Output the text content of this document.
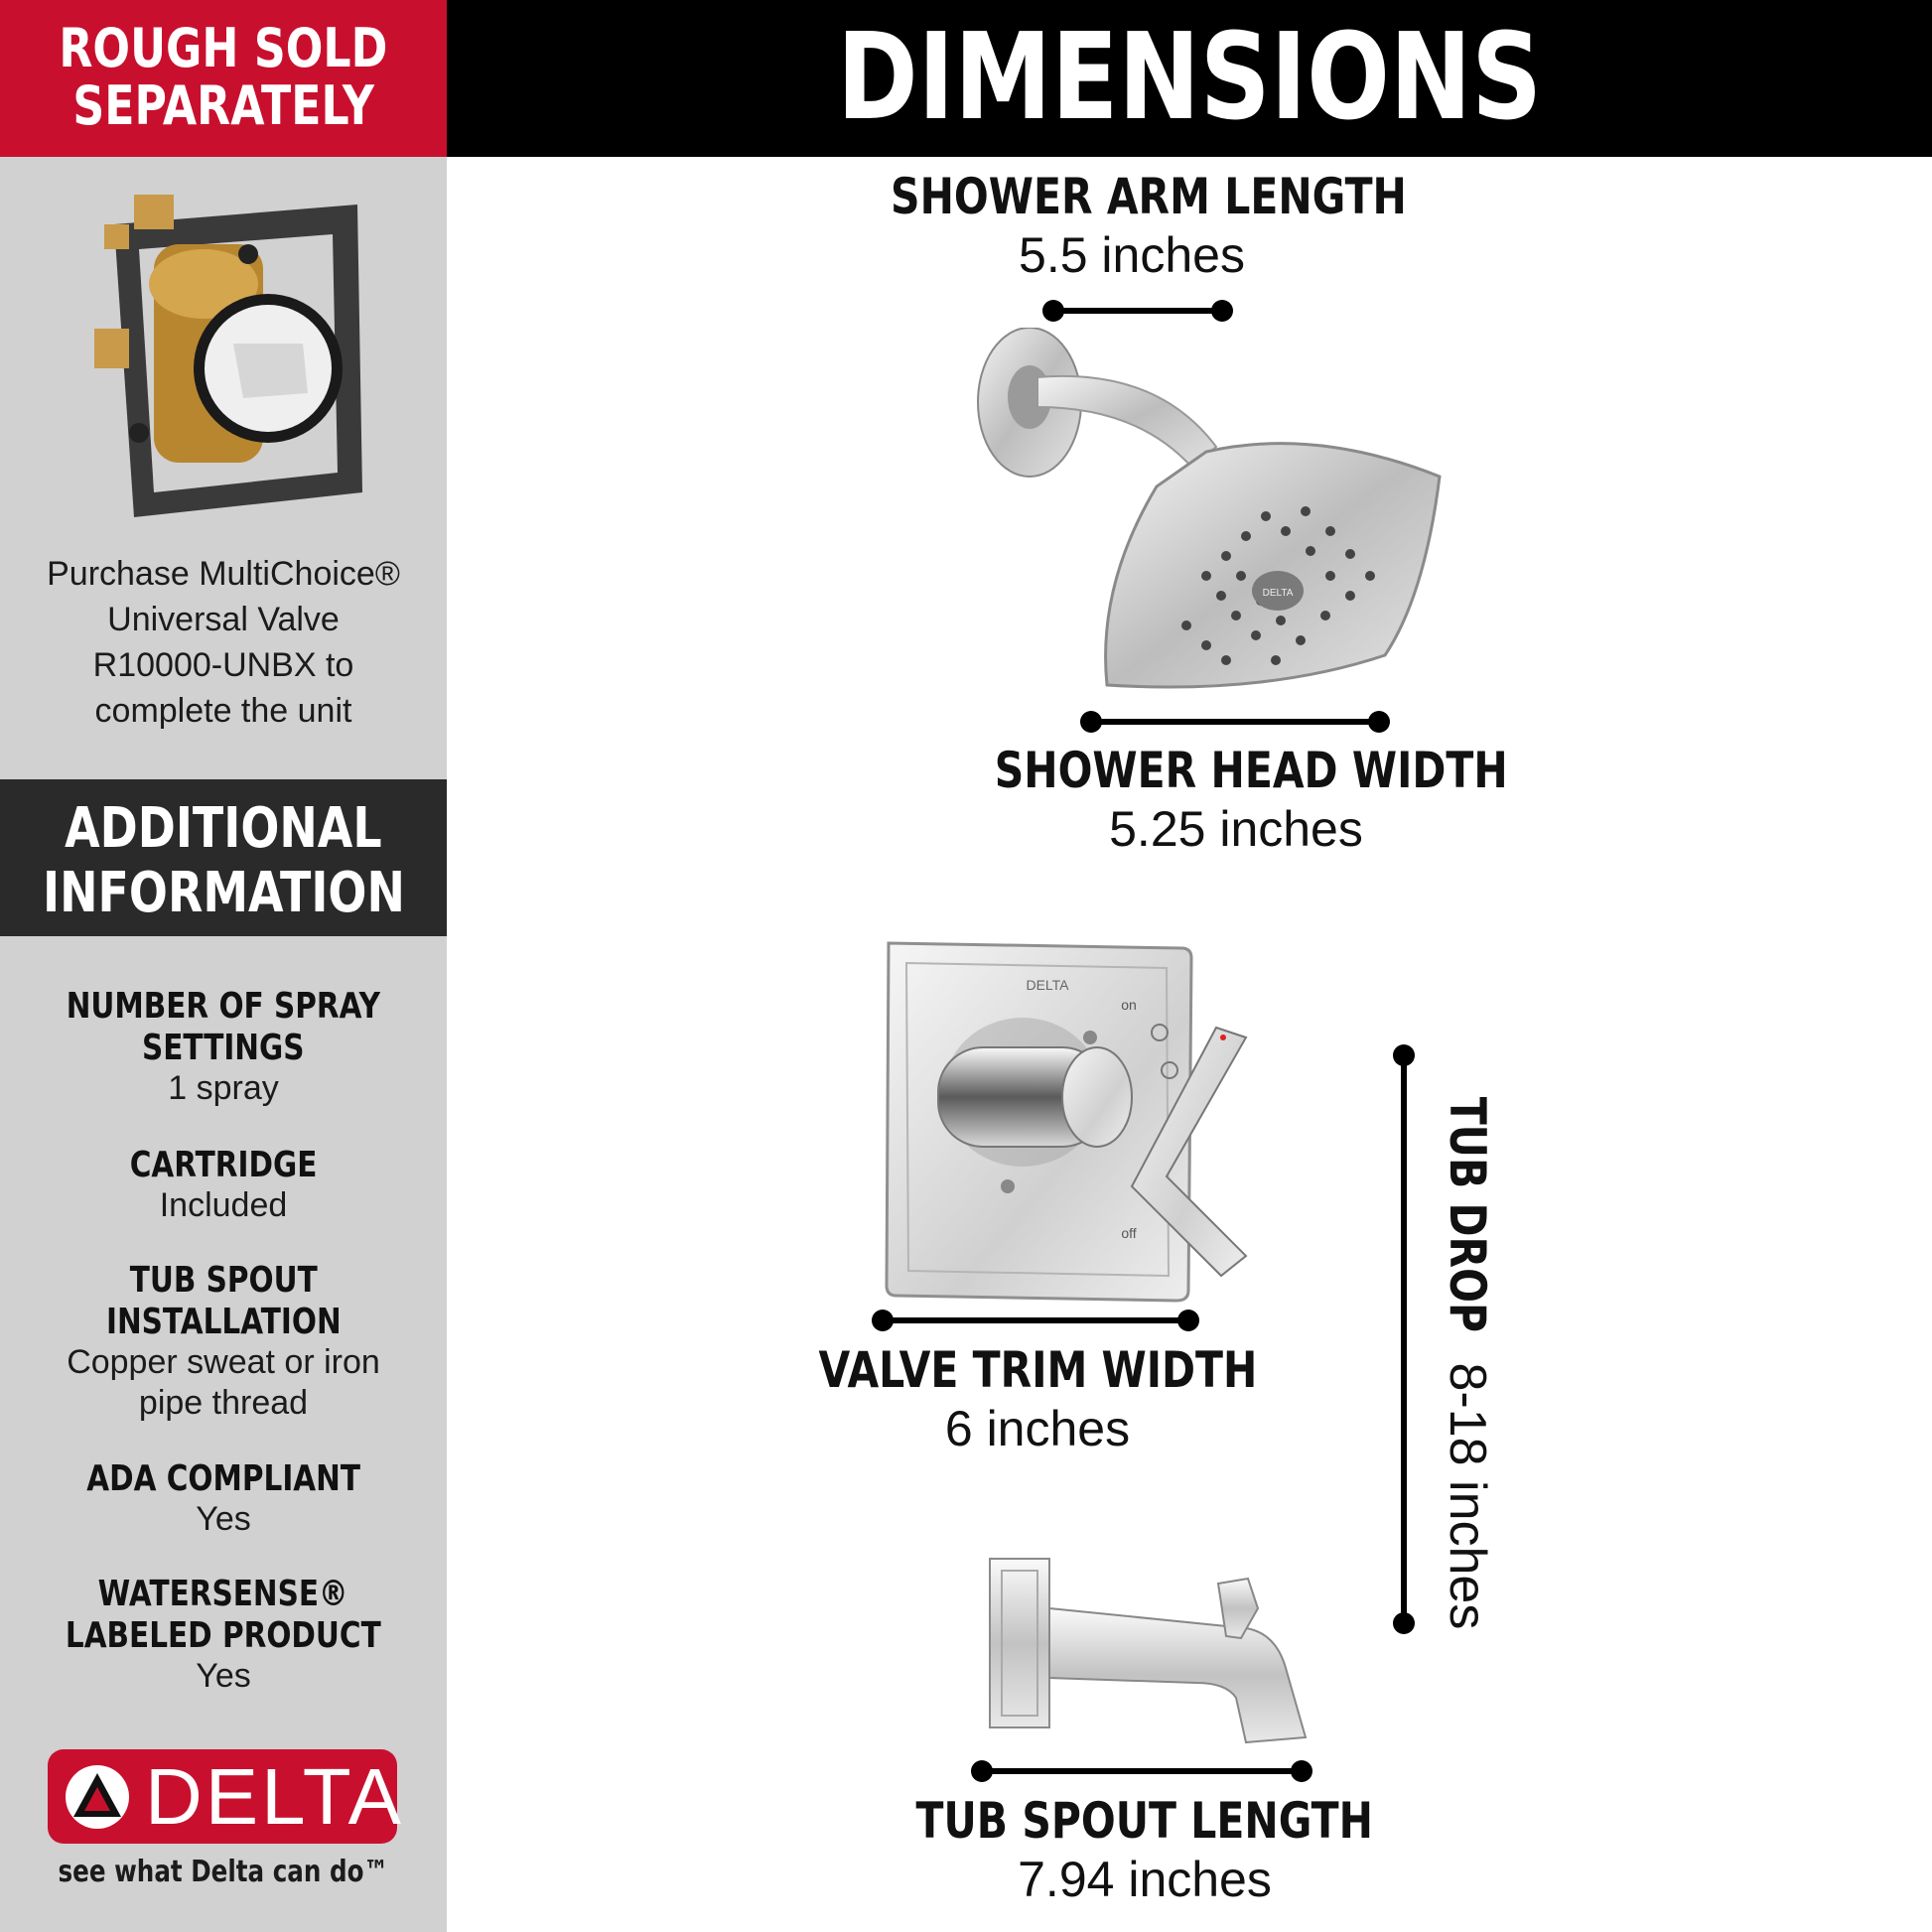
ROUGH SOLD
SEPARATELY
Purchase MultiChoice®
Universal Valve
R10000-UNBX to
complete the unit
ADDITIONAL
INFORMATION
NUMBER OF SPRAY
SETTINGS
1 spray
CARTRIDGE
Included
TUB SPOUT
INSTALLATION
Copper sweat or iron
pipe thread
ADA COMPLIANT
Yes
WATERSENSE®
LABELED PRODUCT
Yes
DELTA
see what Delta can do™
DIMENSIONS
SHOWER ARM LENGTH
5.5 inches
DELTA
SHOWER HEAD WIDTH
5.25 inches
DELTA
on
off
VALVE TRIM WIDTH
6 inches
TUB DROP 8-18 inches
TUB SPOUT LENGTH
7.94 inches
